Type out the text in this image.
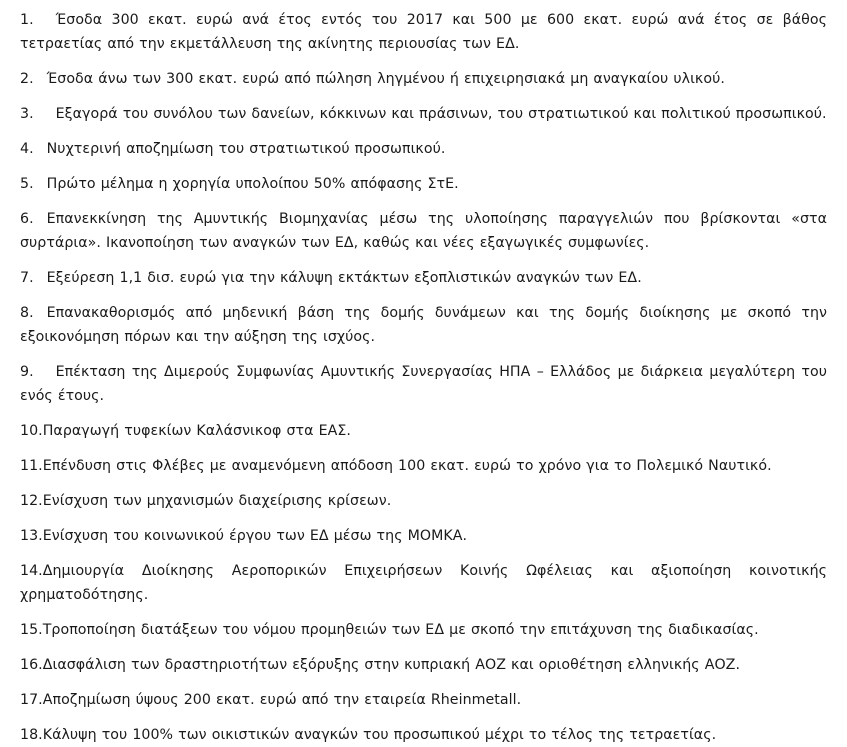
1. Έσοδα 300 εκατ. ευρώ ανά έτος εντός του 2017 και 500 με 600 εκατ. ευρώ ανά έτος σε βάθος τετραετίας από την εκμετάλλευση της ακίνητης περιουσίας των ΕΔ.

2. Έσοδα άνω των 300 εκατ. ευρώ από πώληση ληγμένου ή επιχειρησιακά μη αναγκαίου υλικού.

3. Εξαγορά του συνόλου των δανείων, κόκκινων και πράσινων, του στρατιωτικού και πολιτικού προσωπικού.

4. Νυχτερινή αποζημίωση του στρατιωτικού προσωπικού.

5. Πρώτο μέλημα η χορηγία υπολοίπου 50% απόφασης ΣτΕ.

6. Επανεκκίνηση της Αμυντικής Βιομηχανίας μέσω της υλοποίησης παραγγελιών που βρίσκονται «στα συρτάρια». Ικανοποίηση των αναγκών των ΕΔ, καθώς και νέες εξαγωγικές συμφωνίες.

7. Εξεύρεση 1,1 δισ. ευρώ για την κάλυψη εκτάκτων εξοπλιστικών αναγκών των ΕΔ.

8. Επανακαθορισμός από μηδενική βάση της δομής δυνάμεων και της δομής διοίκησης με σκοπό την εξοικονόμηση πόρων και την αύξηση της ισχύος.

9. Επέκταση της Διμερούς Συμφωνίας Αμυντικής Συνεργασίας ΗΠΑ – Ελλάδος με διάρκεια μεγαλύτερη του ενός έτους.

10.Παραγωγή τυφεκίων Καλάσνικοφ στα ΕΑΣ.

11.Επένδυση στις Φλέβες με αναμενόμενη απόδοση 100 εκατ. ευρώ το χρόνο για το Πολεμικό Ναυτικό.

12.Ενίσχυση των μηχανισμών διαχείρισης κρίσεων.

13.Ενίσχυση του κοινωνικού έργου των ΕΔ μέσω της ΜΟΜΚΑ.

14.Δημιουργία Διοίκησης Αεροπορικών Επιχειρήσεων Κοινής Ωφέλειας και αξιοποίηση κοινοτικής χρηματοδότησης.

15.Τροποποίηση διατάξεων του νόμου προμηθειών των ΕΔ με σκοπό την επιτάχυνση της διαδικασίας.

16.Διασφάλιση των δραστηριοτήτων εξόρυξης στην κυπριακή ΑΟΖ και οριοθέτηση ελληνικής ΑΟΖ.

17.Αποζημίωση ύψους 200 εκατ. ευρώ από την εταιρεία Rheinmetall.

18.Κάλυψη του 100% των οικιστικών αναγκών του προσωπικού μέχρι το τέλος της τετραετίας.
